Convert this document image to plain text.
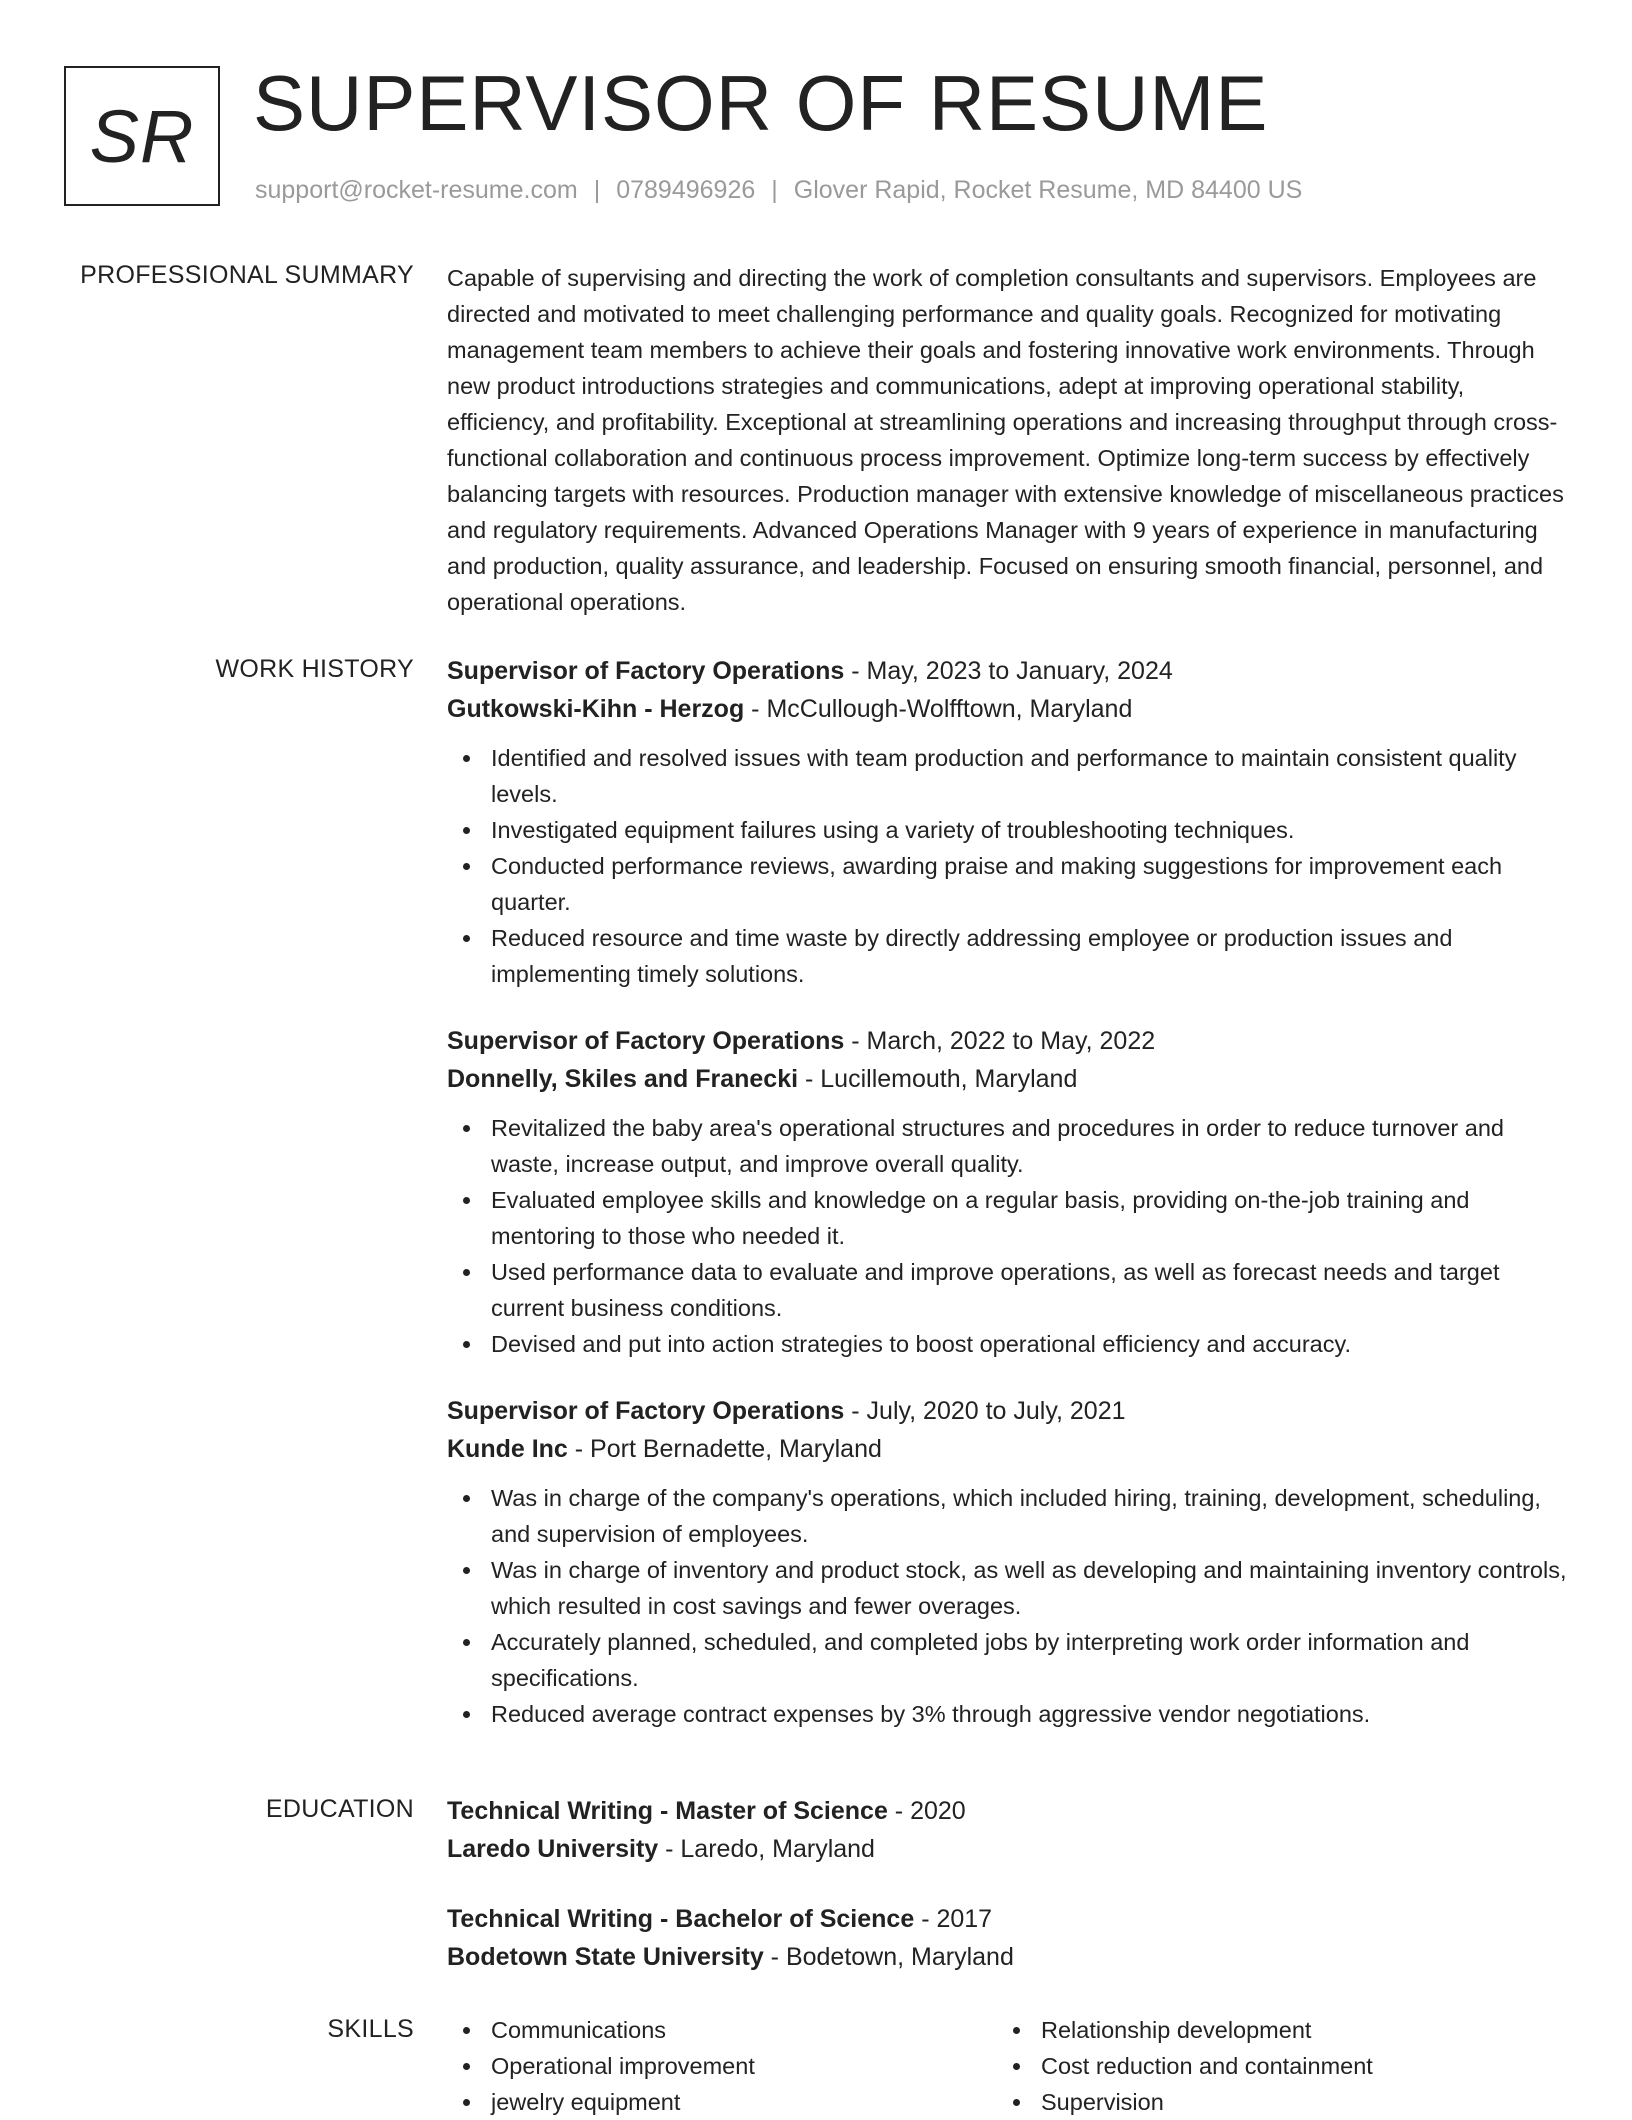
SR SUPERVISOR OF RESUME
support@rocket-resume.com | 0789496926 | Glover Rapid, Rocket Resume, MD 84400 US
PROFESSIONAL SUMMARY Capable of supervising and directing the work of completion consultants and supervisors. Employees are directed and motivated to meet challenging performance and quality goals. Recognized for motivating management team members to achieve their goals and fostering innovative work environments. Through new product introductions strategies and communications, adept at improving operational stability, efficiency, and profitability. Exceptional at streamlining operations and increasing throughput through cross-functional collaboration and continuous process improvement. Optimize long-term success by effectively balancing targets with resources. Production manager with extensive knowledge of miscellaneous practices and regulatory requirements. Advanced Operations Manager with 9 years of experience in manufacturing and production, quality assurance, and leadership. Focused on ensuring smooth financial, personnel, and operational operations.

WORK HISTORY Supervisor of Factory Operations - May, 2023 to January, 2024
Gutkowski-Kihn - Herzog - McCullough-Wolfftown, Maryland
Identified and resolved issues with team production and performance to maintain consistent quality levels.
Investigated equipment failures using a variety of troubleshooting techniques.
Conducted performance reviews, awarding praise and making suggestions for improvement each quarter.
Reduced resource and time waste by directly addressing employee or production issues and implementing timely solutions.
Supervisor of Factory Operations - March, 2022 to May, 2022
Donnelly, Skiles and Franecki - Lucillemouth, Maryland
Revitalized the baby area's operational structures and procedures in order to reduce turnover and waste, increase output, and improve overall quality.
Evaluated employee skills and knowledge on a regular basis, providing on-the-job training and mentoring to those who needed it.
Used performance data to evaluate and improve operations, as well as forecast needs and target current business conditions.
Devised and put into action strategies to boost operational efficiency and accuracy.
Supervisor of Factory Operations - July, 2020 to July, 2021
Kunde Inc - Port Bernadette, Maryland
Was in charge of the company's operations, which included hiring, training, development, scheduling, and supervision of employees.
Was in charge of inventory and product stock, as well as developing and maintaining inventory controls, which resulted in cost savings and fewer overages.
Accurately planned, scheduled, and completed jobs by interpreting work order information and specifications.
Reduced average contract expenses by 3% through aggressive vendor negotiations.
EDUCATION Technical Writing - Master of Science - 2020
Laredo University - Laredo, Maryland
Technical Writing - Bachelor of Science - 2017
Bodetown State University - Bodetown, Maryland
SKILLS	Communications
Operational improvement
jewelry equipment
Relationship development
Cost reduction and containment
Supervision
